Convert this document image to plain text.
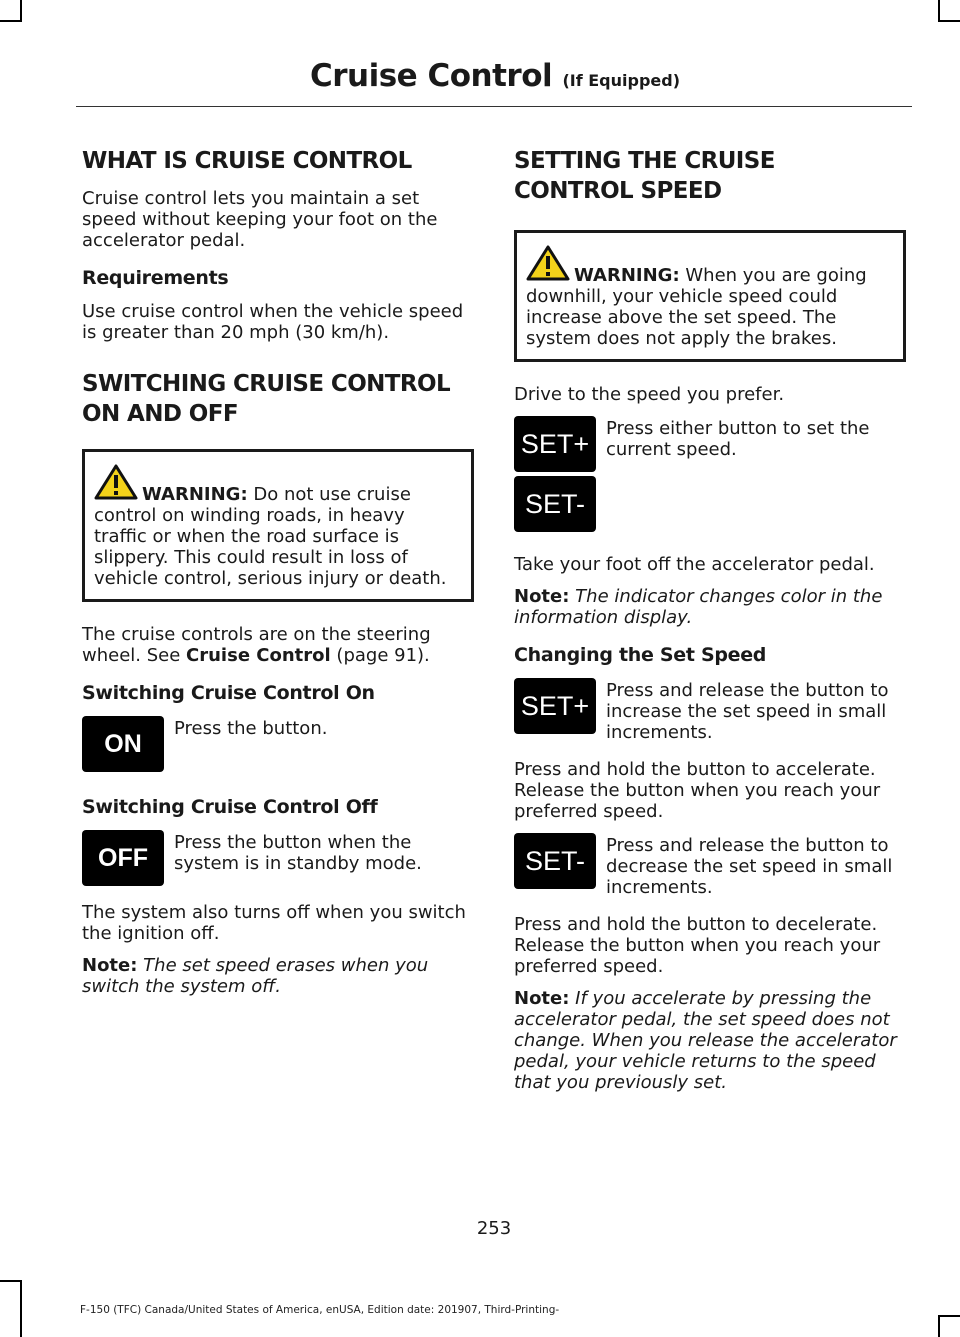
Cruise Control (If Equipped)
WHAT IS CRUISE CONTROL

Cruise control lets you maintain a set speed without keeping your foot on the accelerator pedal.

Requirements

Use cruise control when the vehicle speed is greater than 20 mph (30 km/h).

SWITCHING CRUISE CONTROL
ON AND OFF
WARNING: Do not use cruise control on winding roads, in heavy traffic or when the road surface is slippery. This could result in loss of vehicle control, serious injury or death.

The cruise controls are on the steering wheel. See Cruise Control (page 91).

Switching Cruise Control On
ON
Press the button.
Switching Cruise Control Off
OFF
Press the button when the system is in standby mode.

The system also turns off when you switch the ignition off.

Note: The set speed erases when you switch the system off.

SETTING THE CRUISE
CONTROL SPEED
WARNING: When you are going downhill, your vehicle speed could increase above the set speed. The system does not apply the brakes.

Drive to the speed you prefer.

SET+ Press either button to set the current speed.
SET-

Take your foot off the accelerator pedal.

Note: The indicator changes color in the information display.

Changing the Set Speed
SET+ Press and release the button to increase the set speed in small increments.

Press and hold the button to accelerate. Release the button when you reach your preferred speed.

SET-	Press and release the button to decrease the set speed in small increments.

Press and hold the button to decelerate. Release the button when you reach your preferred speed.

Note: If you accelerate by pressing the accelerator pedal, the set speed does not change. When you release the accelerator pedal, your vehicle returns to the speed that you previously set.

253
F-150 (TFC) Canada/United States of America, enUSA, Edition date: 201907, Third-Printing-
